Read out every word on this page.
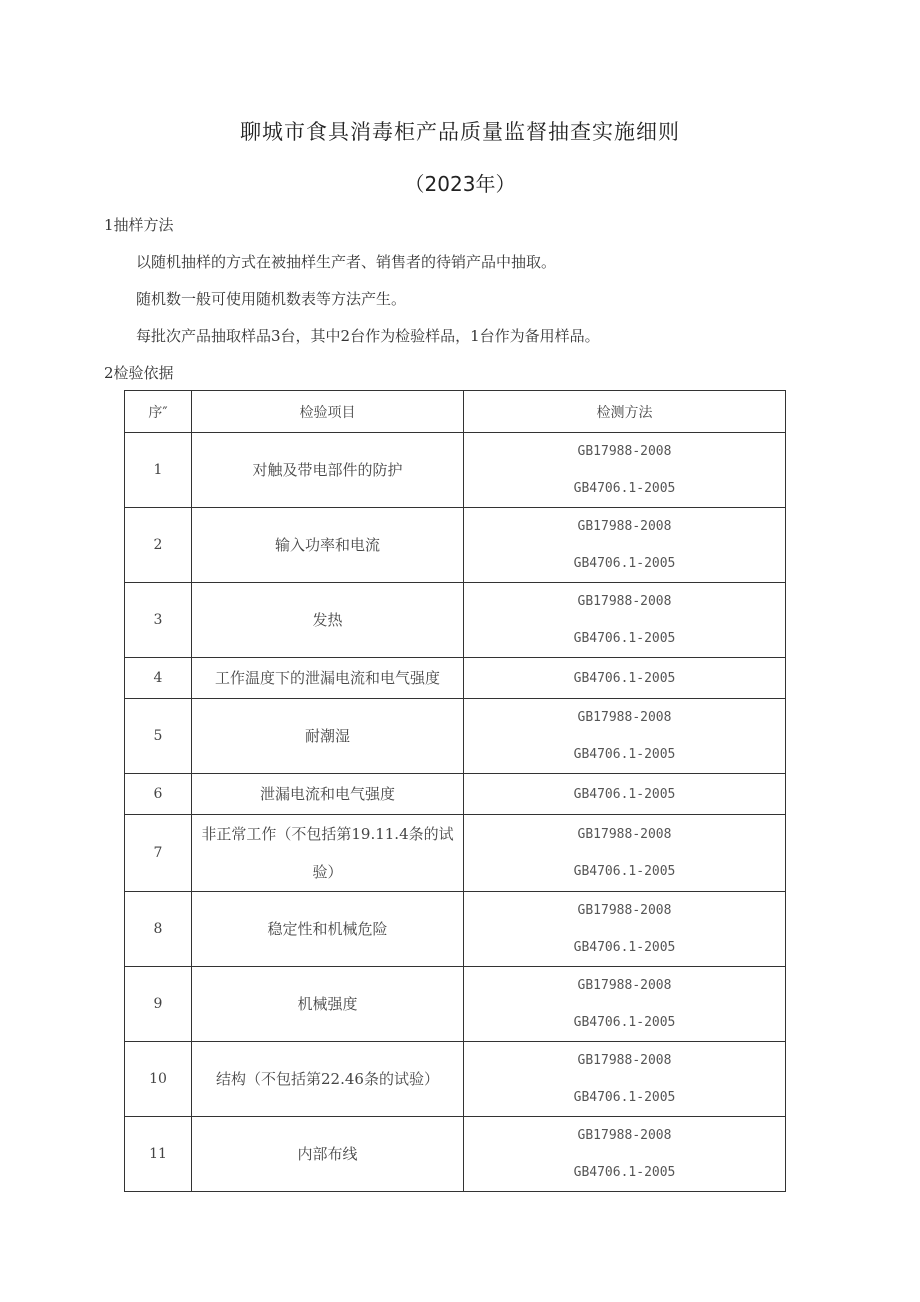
聊城市食具消毒柜产品质量监督抽查实施细则
（2023年）
1抽样方法

以随机抽样的方式在被抽样生产者、销售者的待销产品中抽取。

随机数一般可使用随机数表等方法产生。

每批次产品抽取样品3台，其中2台作为检验样品，1台作为备用样品。

2检验依据
序″	检验项目	检测方法
1	对触及带电部件的防护	GB17988-2008
GB4706.1-2005

2	输入功率和电流	GB17988-2008
GB4706.1-2005

3	发热	GB17988-2008
GB4706.1-2005

4	工作温度下的泄漏电流和电气强度	GB4706.1-2005

5	耐潮湿	GB17988-2008
GB4706.1-2005

6	泄漏电流和电气强度	GB4706.1-2005

7	非正常工作（不包括第19.11.4条的试验）	GB17988-2008
GB4706.1-2005

8	稳定性和机械危险	GB17988-2008
GB4706.1-2005

9	机械强度	GB17988-2008
GB4706.1-2005

10	结构（不包括第22.46条的试验）	GB17988-2008
GB4706.1-2005

11	内部布线	GB17988-2008
GB4706.1-2005
